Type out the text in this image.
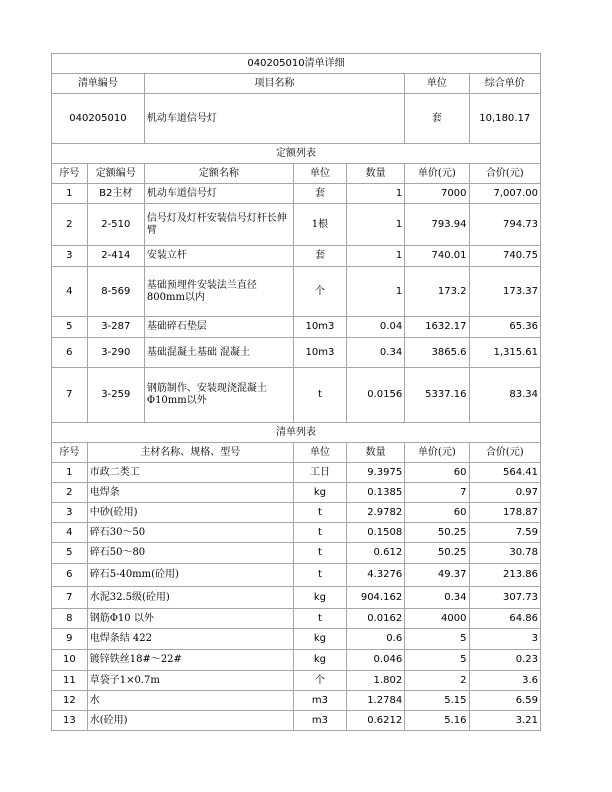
040205010清单详细						
清单编号		项目名称			单位	综合单价
040205010		机动车道信号灯			套	10,180.17
定额列表						
序号	定额编号	定额名称	单位	数量	单价(元)	合价(元)
1	B2主材	机动车道信号灯	套	1	7000	7,007.00
2	2-510	信号灯及灯杆安装信号灯杆长伸臂	1根	1	793.94	794.73
3	2-414	安装立杆	套	1	740.01	740.75
4	8-569	基础预埋件安装法兰直径800mm以内	个	1	173.2	173.37
5	3-287	基础碎石垫层	10m3	0.04	1632.17	65.36
6	3-290	基础混凝土基础 混凝土	10m3	0.34	3865.6	1,315.61
7	3-259	钢筋制作、安装现浇混凝土Φ10mm以外	t	0.0156	5337.16	83.34
清单列表						
序号	主材名称、规格、型号		单位	数量	单价(元)	合价(元)
1	市政二类工		工日	9.3975	60	564.41
2	电焊条		kg	0.1385	7	0.97
3	中砂(砼用)		t	2.9782	60	178.87
4	碎石30～50		t	0.1508	50.25	7.59
5	碎石50～80		t	0.612	50.25	30.78
6	碎石5-40mm(砼用)		t	4.3276	49.37	213.86
7	水泥32.5级(砼用)		kg	904.162	0.34	307.73
8	钢筋Φ10 以外		t	0.0162	4000	64.86
9	电焊条结 422		kg	0.6	5	3
10	镀锌铁丝18#～22#		kg	0.046	5	0.23
11	草袋子1×0.7m		个	1.802	2	3.6
12	水		m3	1.2784	5.15	6.59
13	水(砼用)		m3	0.6212	5.16	3.21
